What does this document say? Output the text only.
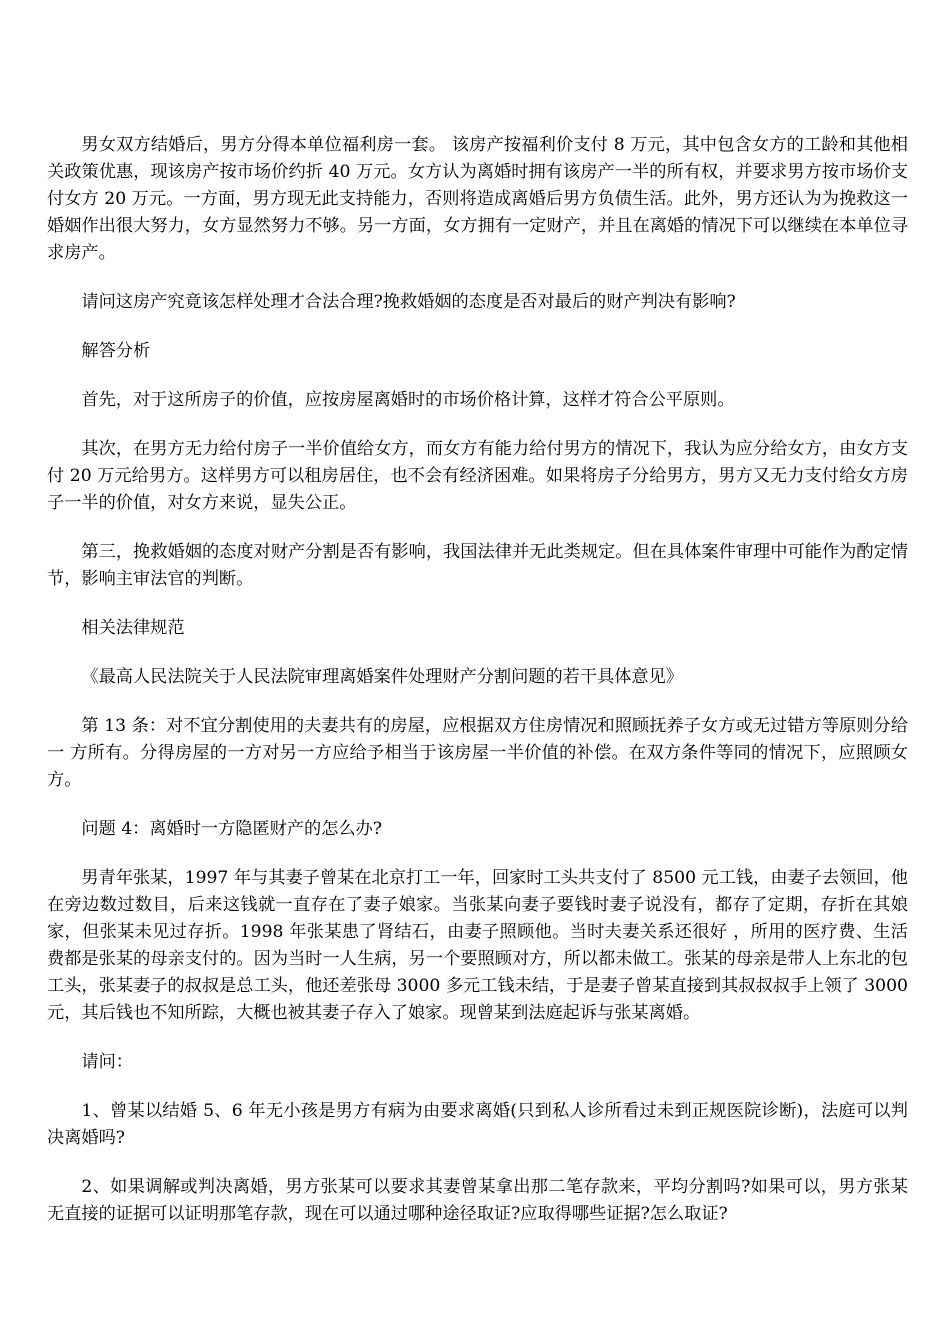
男女双方结婚后，男方分得本单位福利房一套。 该房产按福利价支付 8 万元，其中包含女方的工龄和其他相关政策优惠，现该房产按市场价约折 40 万元。女方认为离婚时拥有该房产一半的所有权，并要求男方按市场价支付女方 20 万元。一方面，男方现无此支持能力，否则将造成离婚后男方负债生活。此外，男方还认为为挽救这一婚姻作出很大努力，女方显然努力不够。另一方面，女方拥有一定财产，并且在离婚的情况下可以继续在本单位寻求房产。

请问这房产究竟该怎样处理才合法合理?挽救婚姻的态度是否对最后的财产判决有影响?

解答分析

首先，对于这所房子的价值，应按房屋离婚时的市场价格计算，这样才符合公平原则。

其次，在男方无力给付房子一半价值给女方，而女方有能力给付男方的情况下，我认为应分给女方，由女方支付 20 万元给男方。这样男方可以租房居住，也不会有经济困难。如果将房子分给男方，男方又无力支付给女方房子一半的价值，对女方来说，显失公正。

第三，挽救婚姻的态度对财产分割是否有影响，我国法律并无此类规定。但在具体案件审理中可能作为酌定情节，影响主审法官的判断。

相关法律规范

《最高人民法院关于人民法院审理离婚案件处理财产分割问题的若干具体意见》

第 13 条：对不宜分割使用的夫妻共有的房屋，应根据双方住房情况和照顾抚养子女方或无过错方等原则分给一 方所有。分得房屋的一方对另一方应给予相当于该房屋一半价值的补偿。在双方条件等同的情况下，应照顾女方。

问题 4：离婚时一方隐匿财产的怎么办?

男青年张某，1997 年与其妻子曾某在北京打工一年，回家时工头共支付了 8500 元工钱，由妻子去领回，他在旁边数过数目，后来这钱就一直存在了妻子娘家。当张某向妻子要钱时妻子说没有，都存了定期，存折在其娘家，但张某未见过存折。1998 年张某患了肾结石，由妻子照顾他。当时夫妻关系还很好 ，所用的医疗费、生活费都是张某的母亲支付的。因为当时一人生病，另一个要照顾对方，所以都未做工。张某的母亲是带人上东北的包工头，张某妻子的叔叔是总工头，他还差张母 3000 多元工钱未结，于是妻子曾某直接到其叔叔叔手上领了 3000 元，其后钱也不知所踪，大概也被其妻子存入了娘家。现曾某到法庭起诉与张某离婚。

请问：

1、曾某以结婚 5、6 年无小孩是男方有病为由要求离婚(只到私人诊所看过未到正规医院诊断)，法庭可以判决离婚吗?

2、如果调解或判决离婚，男方张某可以要求其妻曾某拿出那二笔存款来，平均分割吗?如果可以，男方张某无直接的证据可以证明那笔存款，现在可以通过哪种途径取证?应取得哪些证据?怎么取证?
